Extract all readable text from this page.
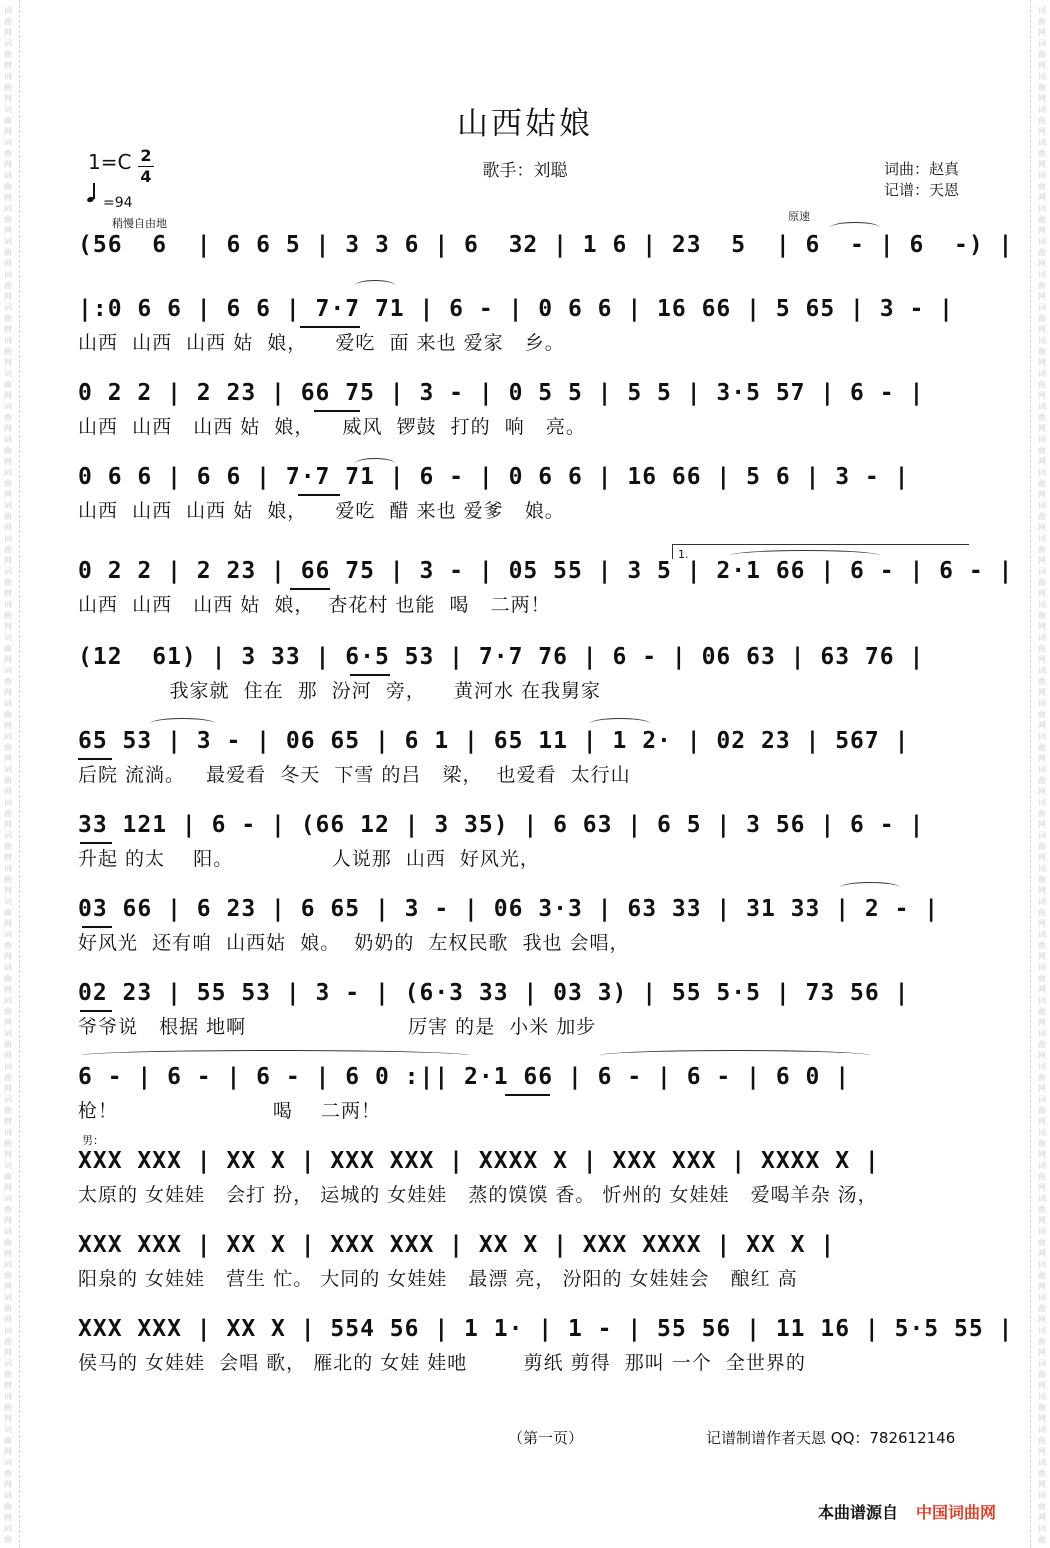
词
曲
网
词
曲
网
词
曲
网
词
曲
网
词
曲
网
词
曲
网
词
曲
网
词
曲
网
词
曲
网
词
曲
网
词
曲
网
词
曲
网
词
曲
网
词
曲
网
词
曲
网
词
曲
网
词
曲
网
词
曲
网
词
曲
网
词
曲
网
词
曲
网
词
曲
网
词
曲
网
词
曲
网
词
曲
网
词
曲
网
词
曲
网
词
曲
网
词
曲
网
词
曲
网
词
曲
网
词
曲
网
词
曲
网
词
曲
网
词
曲
网
词
曲
网
词
曲
网
词
曲
网
词
曲
网
词
曲
网
词
曲
网
词
曲
网
词
曲
网
词
曲
网
词
曲
网
词
曲
网
词
曲
词
曲
网
词
曲
网
词
曲
网
词
曲
网
词
曲
网
词
曲
网
词
曲
网
词
曲
网
词
曲
网
词
曲
网
词
曲
网
词
曲
网
词
曲
网
词
曲
网
词
曲
网
词
曲
网
词
曲
网
词
曲
网
词
曲
网
词
曲
网
词
曲
网
词
曲
网
词
曲
网
词
曲
网
词
曲
网
词
曲
网
词
曲
网
词
曲
网
词
曲
网
词
曲
网
词
曲
网
词
曲
网
词
曲
网
词
曲
网
词
曲
网
词
曲
网
词
曲
网
词
曲
网
词
曲
网
词
曲
网
词
曲
网
词
曲
网
词
曲
网
词
曲
网
词
曲
网
词
曲
网
词
曲
山西姑娘
$1=C \frac{2}{4}$	歌手：刘聪	词曲：赵真
记谱：天恩
=94
稍慢自由地
原速
男：
1.
(56  6  | 6 6 5 | 3 3 6 | 6  32 | 1 6 | 23  5  | 6  - | 6  -) |
|:0 6 6 | 6 6 | 7·7 71 | 6 - | 0 6 6 | 16 66 | 5 65 | 3 - |
山西  山西  山西 姑  娘，    爱吃  面 来也 爱家   乡。
0 2 2 | 2 23 | 66 75 | 3 - | 0 5 5 | 5 5 | 3·5 57 | 6 - |
山西  山西   山西 姑  娘，    威风  锣鼓  打的  响   亮。
0 6 6 | 6 6 | 7·7 71 | 6 - | 0 6 6 | 16 66 | 5 6 | 3 - |
山西  山西  山西 姑  娘，    爱吃  醋 来也 爱爹   娘。
0 2 2 | 2 23 | 66 75 | 3 - | 05 55 | 3 5 | 2·1 66 | 6 - | 6 - |
山西  山西   山西 姑  娘，  杏花村 也能  喝   二两！
(12  61) | 3 33 | 6·5 53 | 7·7 76 | 6 - | 06 63 | 63 76 |
我家就  住在  那  汾河  旁，    黄河水 在我舅家
65 53 | 3 - | 06 65 | 6 1 | 65 11 | 1 2· | 02 23 | 567 |
后院 流淌。   最爱看  冬天  下雪 的吕   梁，  也爱看  太行山
33 121 | 6 - | (66 12 | 3 35) | 6 63 | 6 5 | 3 56 | 6 - |
升起 的太    阳。              人说那  山西  好风光，
03 66 | 6 23 | 6 65 | 3 - | 06 3·3 | 63 33 | 31 33 | 2 - |
好风光  还有咱  山西姑  娘。  奶奶的  左权民歌  我也 会唱，
02 23 | 55 53 | 3 - | (6·3 33 | 03 3) | 55 5·5 | 73 56 |
爷爷说   根据 地啊                       厉害 的是  小米 加步
6 - | 6 - | 6 - | 6 0 :|| 2·1 66 | 6 - | 6 - | 6 0 |
枪！                      喝    二两！
XXX XXX | XX X | XXX XXX | XXXX X | XXX XXX | XXXX X |
太原的 女娃娃   会打 扮， 运城的 女娃娃   蒸的馍馍 香。 忻州的 女娃娃   爱喝羊杂 汤，
XXX XXX | XX X | XXX XXX | XX X | XXX XXXX | XX X |
阳泉的 女娃娃   营生 忙。 大同的 女娃娃   最漂 亮， 汾阳的 女娃娃会   酿红 高
XXX XXX | XX X | 554 56 | 1 1· | 1 - | 55 56 | 11 16 | 5·5 55 |
侯马的 女娃娃  会唱 歌， 雁北的 女娃 娃吔        剪纸 剪得  那叫 一个  全世界的
（第一页）	记谱制谱作者天恩 QQ：782612146
本曲谱源自 中国词曲网
